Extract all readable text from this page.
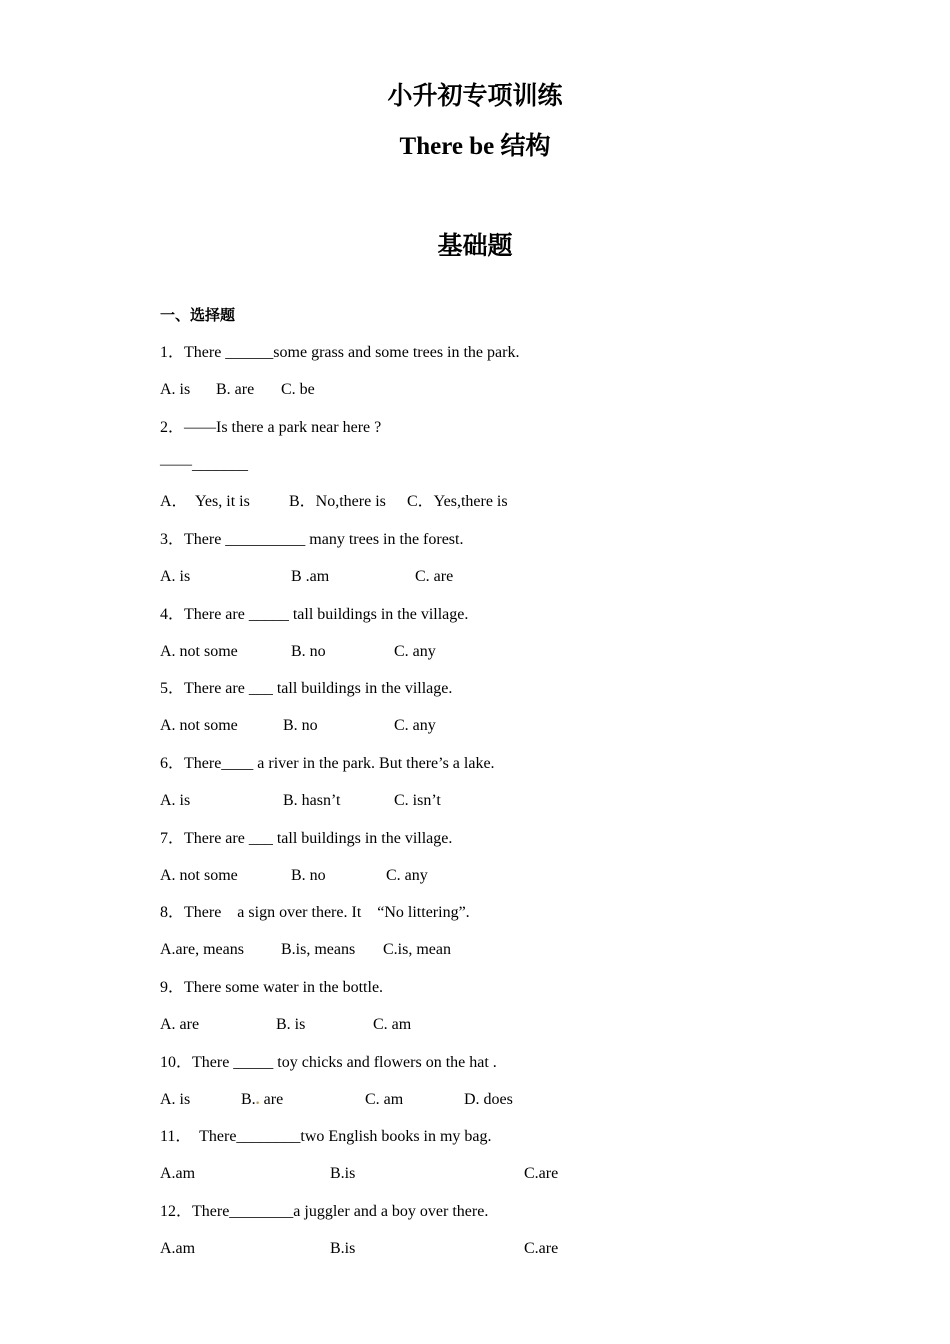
小升初专项训练
There be 结构
基础题
一、选择题
1．There ______some grass and some trees in the park.
A. is B. are C. be
2．——Is there a park near here ?
——_______
A．  Yes, it is B．No,there is C．Yes,there is
3．There __________ many trees in the forest.
A. is	B .am	C. are
4．There are _____ tall buildings in the village.
A. not some	B. no	C. any
5．There are ___ tall buildings in the village.
A. not some	B. no	C. any
6．There____ a river in the park. But there’s a lake.
A. is	B. hasn’t	C. isn’t
7．There are ___ tall buildings in the village.
A. not some	B. no	C. any
8．There    a sign over there. It    “No littering”.
A.are, means B.is, means C.is, mean
9．There some water in the bottle.
A. are	B. is	C. am
10．There _____ toy chicks and flowers on the hat .
A. is	B.. are	C. am	D. does
11．  There________two English books in my bag.
A.am	B.is	C.are
12．There________a juggler and a boy over there.
A.am	B.is	C.are
